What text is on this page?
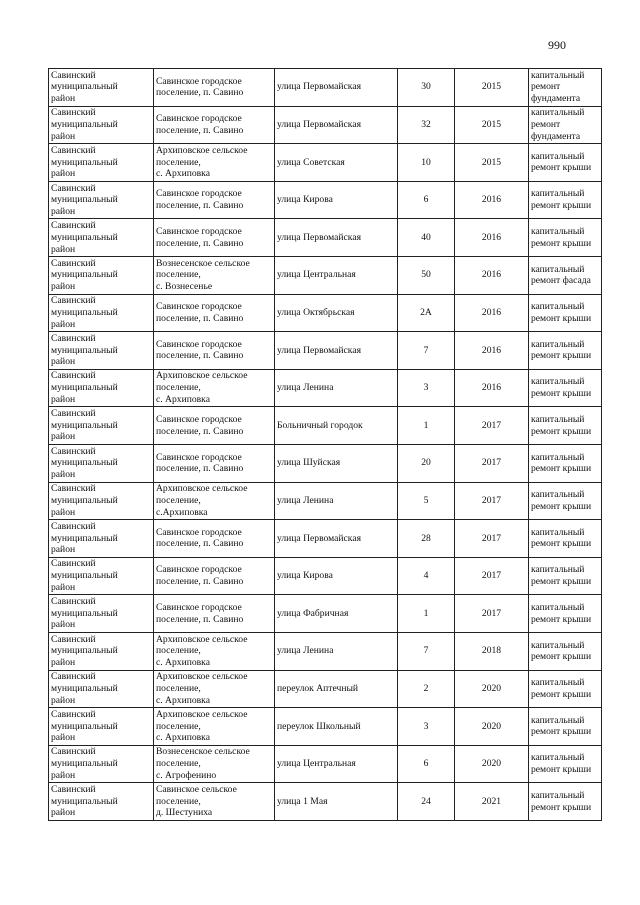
990
Савинский
муниципальный
район	Савинское городское
поселение, п. Савино	улица Первомайская	30	2015	капитальный
ремонт
фундамента
Савинский
муниципальный
район	Савинское городское
поселение, п. Савино	улица Первомайская	32	2015	капитальный
ремонт
фундамента
Савинский
муниципальный
район	Архиповское сельское
поселение,
с. Архиповка	улица Советская	10	2015	капитальный
ремонт крыши
Савинский
муниципальный
район	Савинское городское
поселение, п. Савино	улица Кирова	6	2016	капитальный
ремонт крыши
Савинский
муниципальный
район	Савинское городское
поселение, п. Савино	улица Первомайская	40	2016	капитальный
ремонт крыши
Савинский
муниципальный
район	Вознесенское сельское
поселение,
с. Вознесенье	улица Центральная	50	2016	капитальный
ремонт фасада
Савинский
муниципальный
район	Савинское городское
поселение, п. Савино	улица Октябрьская	2А	2016	капитальный
ремонт крыши
Савинский
муниципальный
район	Савинское городское
поселение, п. Савино	улица Первомайская	7	2016	капитальный
ремонт крыши
Савинский
муниципальный
район	Архиповское сельское
поселение,
с. Архиповка	улица Ленина	3	2016	капитальный
ремонт крыши
Савинский
муниципальный
район	Савинское городское
поселение, п. Савино	Больничный городок	1	2017	капитальный
ремонт крыши
Савинский
муниципальный
район	Савинское городское
поселение, п. Савино	улица Шуйская	20	2017	капитальный
ремонт крыши
Савинский
муниципальный
район	Архиповское сельское
поселение,
с.Архиповка	улица Ленина	5	2017	капитальный
ремонт крыши
Савинский
муниципальный
район	Савинское городское
поселение, п. Савино	улица Первомайская	28	2017	капитальный
ремонт крыши
Савинский
муниципальный
район	Савинское городское
поселение, п. Савино	улица Кирова	4	2017	капитальный
ремонт крыши
Савинский
муниципальный
район	Савинское городское
поселение, п. Савино	улица Фабричная	1	2017	капитальный
ремонт крыши
Савинский
муниципальный
район	Архиповское сельское
поселение,
с. Архиповка	улица Ленина	7	2018	капитальный
ремонт крыши
Савинский
муниципальный
район	Архиповское сельское
поселение,
с. Архиповка	переулок Аптечный	2	2020	капитальный
ремонт крыши
Савинский
муниципальный
район	Архиповское сельское
поселение,
с. Архиповка	переулок Школьный	3	2020	капитальный
ремонт крыши
Савинский
муниципальный
район	Вознесенское сельское
поселение,
с. Агрофенино	улица Центральная	6	2020	капитальный
ремонт крыши
Савинский
муниципальный
район	Савинское сельское
поселение,
д. Шестуниха	улица 1 Мая	24	2021	капитальный
ремонт крыши
